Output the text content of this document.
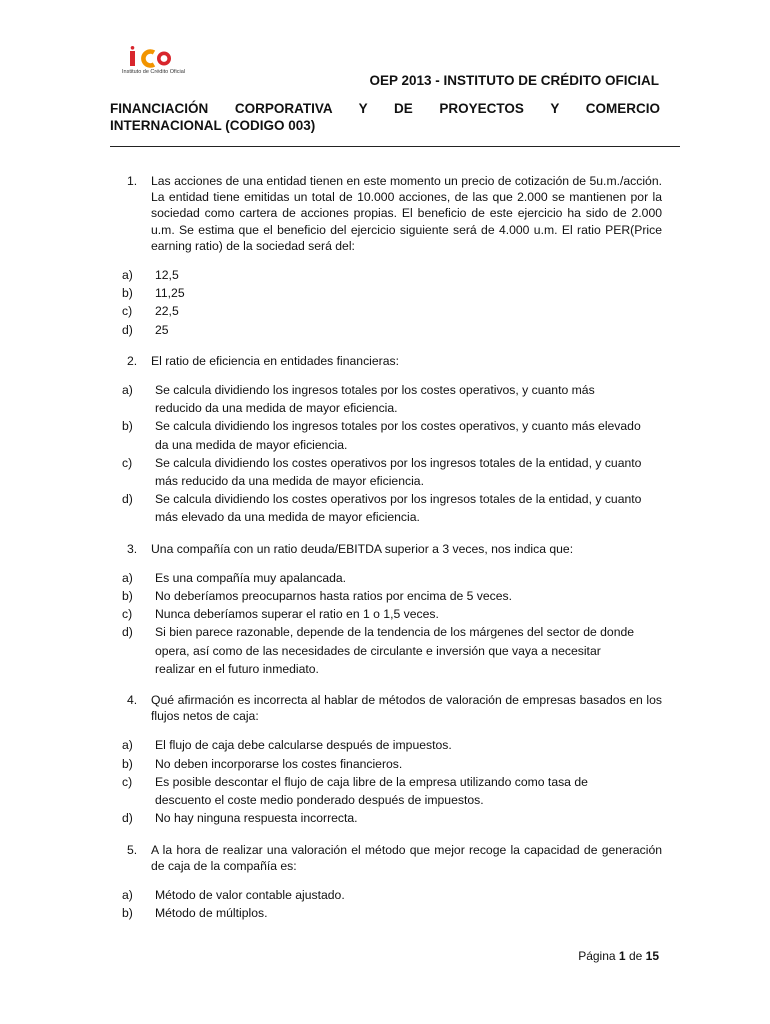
Instituto de Crédito Oficial
OEP 2013 - INSTITUTO DE CRÉDITO OFICIAL
FINANCIACIÓN CORPORATIVA Y DE PROYECTOS Y COMERCIO
INTERNACIONAL (CODIGO 003)
1. Las acciones de una entidad tienen en este momento un precio de cotización de 5u.m./acción. La entidad tiene emitidas un total de 10.000 acciones, de las que 2.000 se mantienen por la sociedad como cartera de acciones propias. El beneficio de este ejercicio ha sido de 2.000 u.m. Se estima que el beneficio del ejercicio siguiente será de 4.000 u.m. El ratio PER(Price earning ratio) de la sociedad será del:
a) 12,5
b) 11,25
c) 22,5
d) 25
2. El ratio de eficiencia en entidades financieras:
a) Se calcula dividiendo los ingresos totales por los costes operativos, y cuanto más reducido da una medida de mayor eficiencia.
b) Se calcula dividiendo los ingresos totales por los costes operativos, y cuanto más elevado da una medida de mayor eficiencia.
c) Se calcula dividiendo los costes operativos por los ingresos totales de la entidad, y cuanto más reducido da una medida de mayor eficiencia.
d) Se calcula dividiendo los costes operativos por los ingresos totales de la entidad, y cuanto más elevado da una medida de mayor eficiencia.
3. Una compañía con un ratio deuda/EBITDA superior a 3 veces, nos indica que:
a) Es una compañía muy apalancada.
b) No deberíamos preocuparnos hasta ratios por encima de 5 veces.
c) Nunca deberíamos superar el ratio en 1 o 1,5 veces.
d) Si bien parece razonable, depende de la tendencia de los márgenes del sector de donde opera, así como de las necesidades de circulante e inversión que vaya a necesitar realizar en el futuro inmediato.
4. Qué afirmación es incorrecta al hablar de métodos de valoración de empresas basados en los flujos netos de caja:
a) El flujo de caja debe calcularse después de impuestos.
b) No deben incorporarse los costes financieros.
c) Es posible descontar el flujo de caja libre de la empresa utilizando como tasa de descuento el coste medio ponderado después de impuestos.
d) No hay ninguna respuesta incorrecta.
5. A la hora de realizar una valoración el método que mejor recoge la capacidad de generación de caja de la compañía es:
a) Método de valor contable ajustado.
b) Método de múltiplos.
Página 1 de 15
